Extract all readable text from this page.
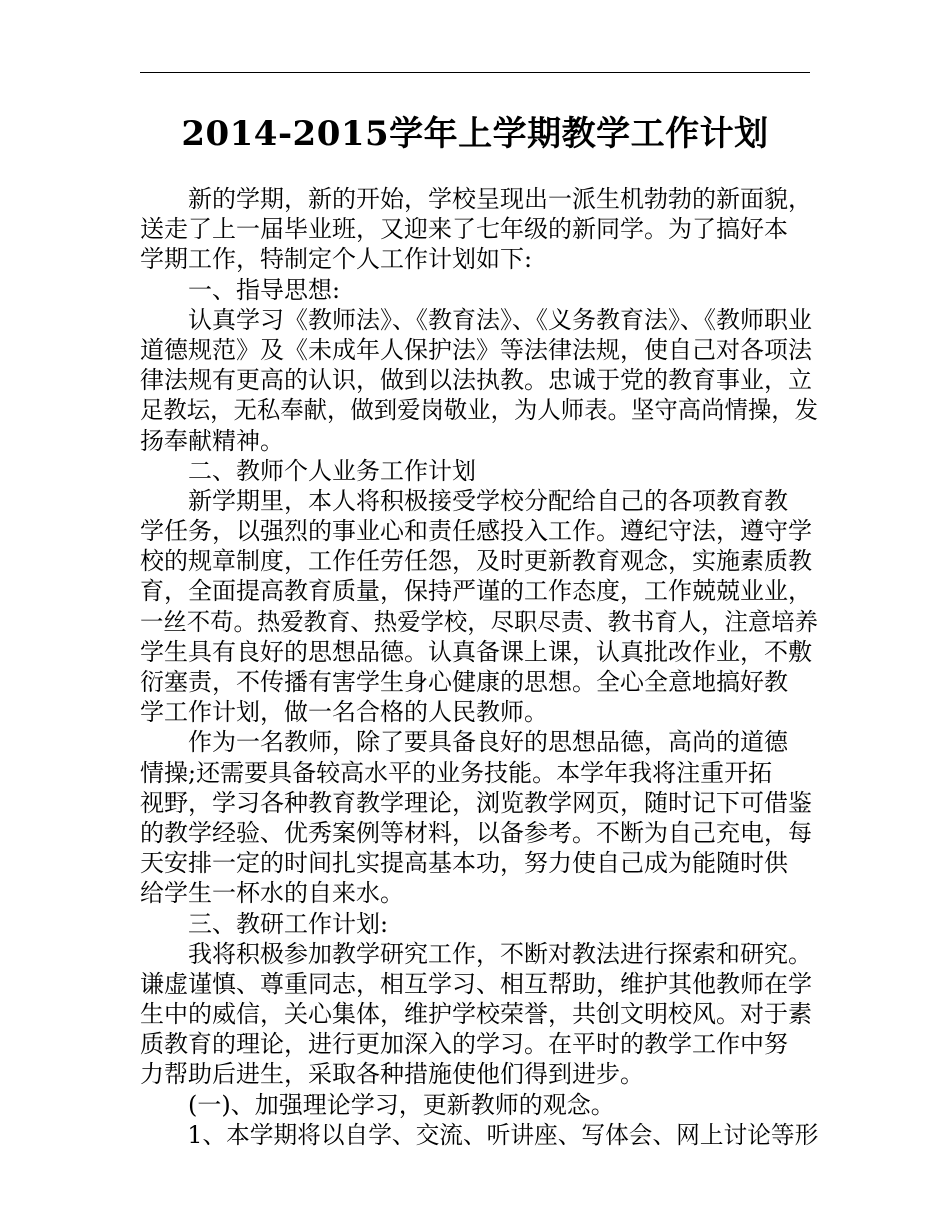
2014-2015学年上学期教学工作计划
　　新的学期，新的开始，学校呈现出一派生机勃勃的新面貌，
送走了上一届毕业班，又迎来了七年级的新同学。为了搞好本
学期工作，特制定个人工作计划如下:
　　一、指导思想:
　　认真学习《教师法》、《教育法》、《义务教育法》、《教师职业
道德规范》及《未成年人保护法》等法律法规，使自己对各项法
律法规有更高的认识，做到以法执教。忠诚于党的教育事业，立
足教坛，无私奉献，做到爱岗敬业，为人师表。坚守高尚情操，发
扬奉献精神。
　　二、教师个人业务工作计划
　　新学期里，本人将积极接受学校分配给自己的各项教育教
学任务，以强烈的事业心和责任感投入工作。遵纪守法，遵守学
校的规章制度，工作任劳任怨，及时更新教育观念，实施素质教
育，全面提高教育质量，保持严谨的工作态度，工作兢兢业业，
一丝不苟。热爱教育、热爱学校，尽职尽责、教书育人，注意培养
学生具有良好的思想品德。认真备课上课，认真批改作业，不敷
衍塞责，不传播有害学生身心健康的思想。全心全意地搞好教
学工作计划，做一名合格的人民教师。
　　作为一名教师，除了要具备良好的思想品德，高尚的道德
情操;还需要具备较高水平的业务技能。本学年我将注重开拓
视野，学习各种教育教学理论，浏览教学网页，随时记下可借鉴
的教学经验、优秀案例等材料，以备参考。不断为自己充电，每
天安排一定的时间扎实提高基本功，努力使自己成为能随时供
给学生一杯水的自来水。
　　三、教研工作计划:
　　我将积极参加教学研究工作，不断对教法进行探索和研究。
谦虚谨慎、尊重同志，相互学习、相互帮助，维护其他教师在学
生中的威信，关心集体，维护学校荣誉，共创文明校风。对于素
质教育的理论，进行更加深入的学习。在平时的教学工作中努
力帮助后进生，采取各种措施使他们得到进步。
　　(一)、加强理论学习，更新教师的观念。
　　1、本学期将以自学、交流、听讲座、写体会、网上讨论等形
